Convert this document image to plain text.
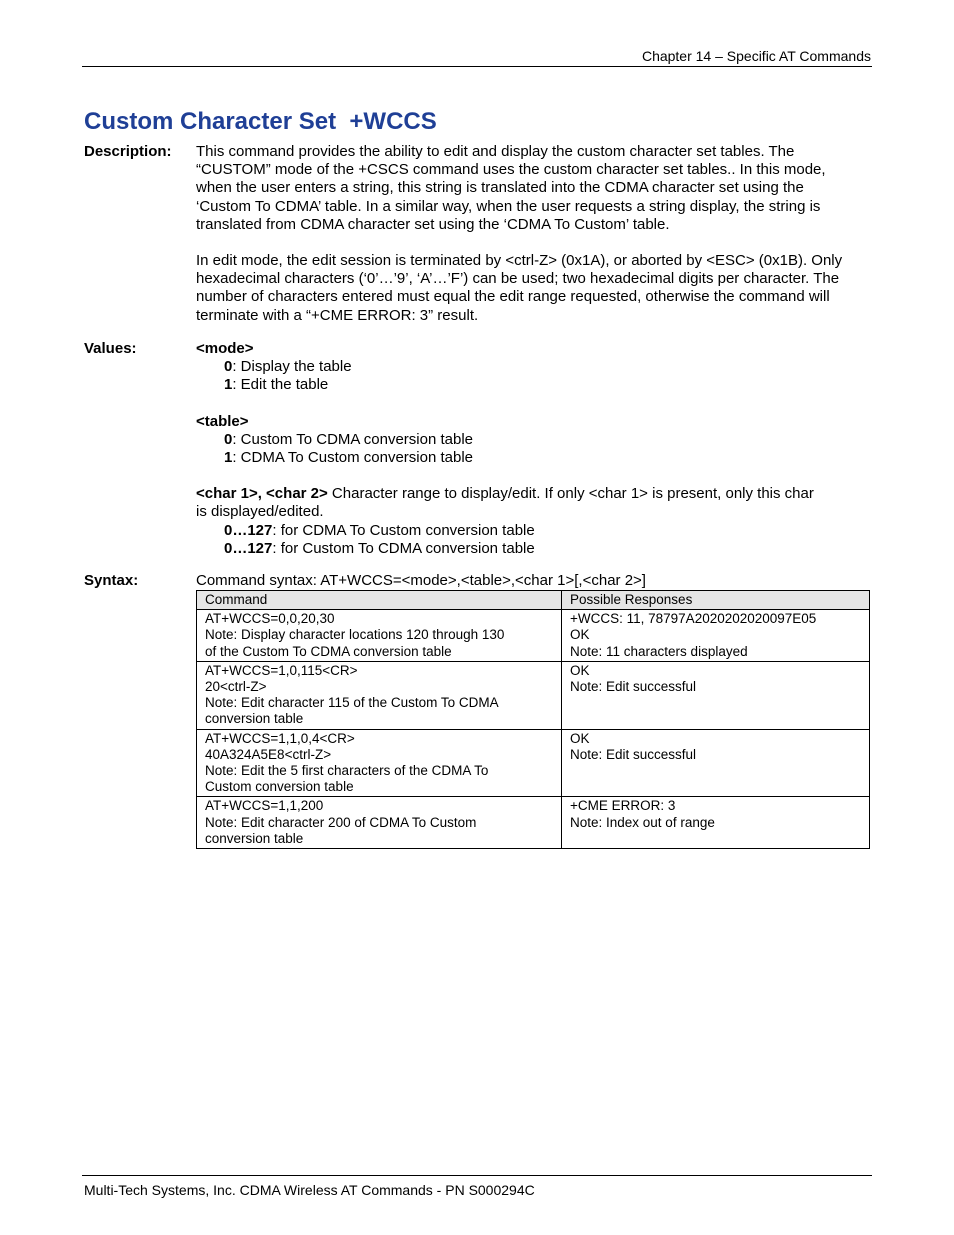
Chapter 14 – Specific AT Commands
Custom Character Set  +WCCS
Description: This command provides the ability to edit and display the custom character set tables. The “CUSTOM” mode of the +CSCS command uses the custom character set tables.. In this mode, when the user enters a string, this string is translated into the CDMA character set using the ‘Custom To CDMA’ table. In a similar way, when the user requests a string display, the string is translated from CDMA character set using the ‘CDMA To Custom’ table.

In edit mode, the edit session is terminated by <ctrl-Z> (0x1A), or aborted by <ESC> (0x1B). Only hexadecimal characters (‘0’…’9’, ‘A’…’F’) can be used; two hexadecimal digits per character. The number of characters entered must equal the edit range requested, otherwise the command will terminate with a “+CME ERROR: 3” result.

Values:	<mode>

0: Display the table

1: Edit the table

<table>

0: Custom To CDMA conversion table

1: CDMA To Custom conversion table

<char 1>, <char 2> Character range to display/edit. If only <char 1> is present, only this char is displayed/edited.

0…127: for CDMA To Custom conversion table

0…127: for Custom To CDMA conversion table

Syntax:	Command syntax: AT+WCCS=<mode>,<table>,<char 1>[,<char 2>]
Command	Possible Responses

AT+WCCS=0,0,20,30
Note: Display character locations 120 through 130
of the Custom To CDMA conversion table	+WCCS: 11, 78797A2020202020097E05
OK
Note: 11 characters displayed

AT+WCCS=1,0,115<CR>
20<ctrl-Z>
Note: Edit character 115 of the Custom To CDMA
conversion table	OK
Note: Edit successful

AT+WCCS=1,1,0,4<CR>
40A324A5E8<ctrl-Z>
Note: Edit the 5 first characters of the CDMA To
Custom conversion table	OK
Note: Edit successful

AT+WCCS=1,1,200
Note: Edit character 200 of CDMA To Custom
conversion table	+CME ERROR: 3
Note: Index out of range
Multi-Tech Systems, Inc. CDMA Wireless AT Commands - PN S000294C
